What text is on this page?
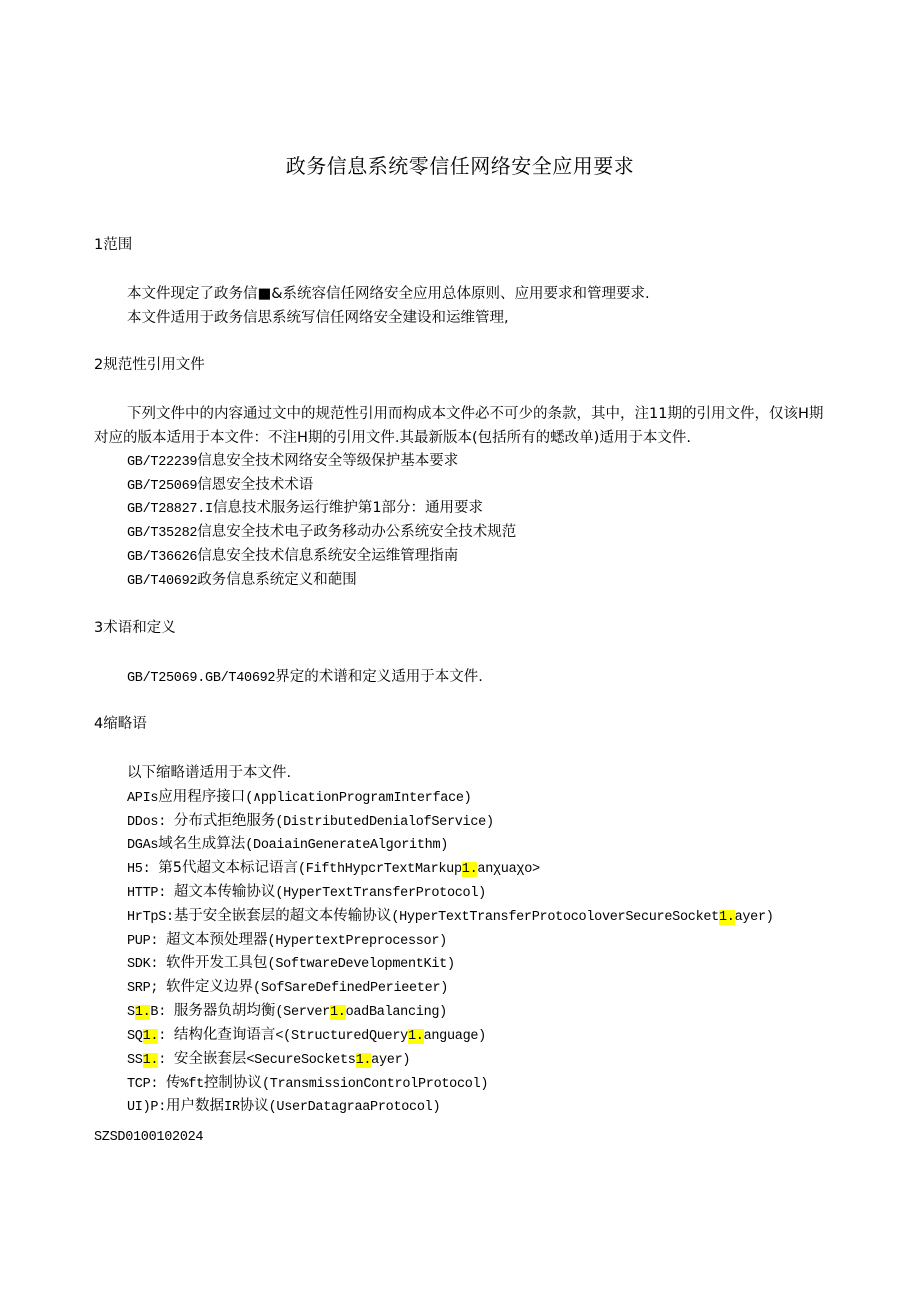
政务信息系统零信任网络安全应用要求
1范围
本文件现定了政务信■&系统容信任网络安全应用总体原则、应用要求和管理要求.
本文件适用于政务信思系统写信任网络安全建设和运维管理,
2规范性引用文件
下列文件中的内容通过文中的规范性引用而构成本文件必不可少的条款，其中，注11期的引用文件，仅该H期对应的版本适用于本文件：不注H期的引用文件.其最新版本(包括所有的蟋改单)适用于本文件.
GB/T22239信息安全技术网络安全等级保护基本要求
GB/T25069信恩安全技术术语
GB/T28827.I信息技术服务运行维护第1部分：通用要求
GB/T35282信息安全技术电子政务移动办公系统安全技术规范
GB/T36626信息安全技术信息系统安全运维管理指南
GB/T40692政务信息系统定义和葩围
3术语和定义
GB/T25069.GB/T40692界定的术谱和定义适用于本文件.
4缩略语
以下缩略谱适用于本文件.
APIs应用程序接口(∧pplicationProgramInterface)
DDos: 分布式拒绝服务(DistributedDenialofService)
DGAs域名生成算法(DoaiainGenerateAlgorithm)
H5: 第5代超文本标记语言(FifthHypcrTextMarkup1.anχuaχo>
HTTP: 超文本传输协议(HyperTextTransferProtocol)
HrTpS:基于安全嵌套层的超文本传输协议(HyperTextTransferProtocoloverSecureSocket1.ayer)
PUP: 超文本预处理器(HypertextPreprocessor)
SDK: 软件开发工具包(SoftwareDevelopmentKit)
SRP; 软件定义边界(SofSareDefinedPerieeter)
S1.B: 服务器负胡均衡(Server1.oadBalancing)
SQ1.: 结构化查询语言<(StructuredQuery1.anguage)
SS1.: 安全嵌套层<SecureSockets1.ayer)
TCP: 传%ft控制协议(TransmissionControlProtocol)
UI)P:用户数据IR协议(UserDatagraaProtocol)
SZSD0100102024
